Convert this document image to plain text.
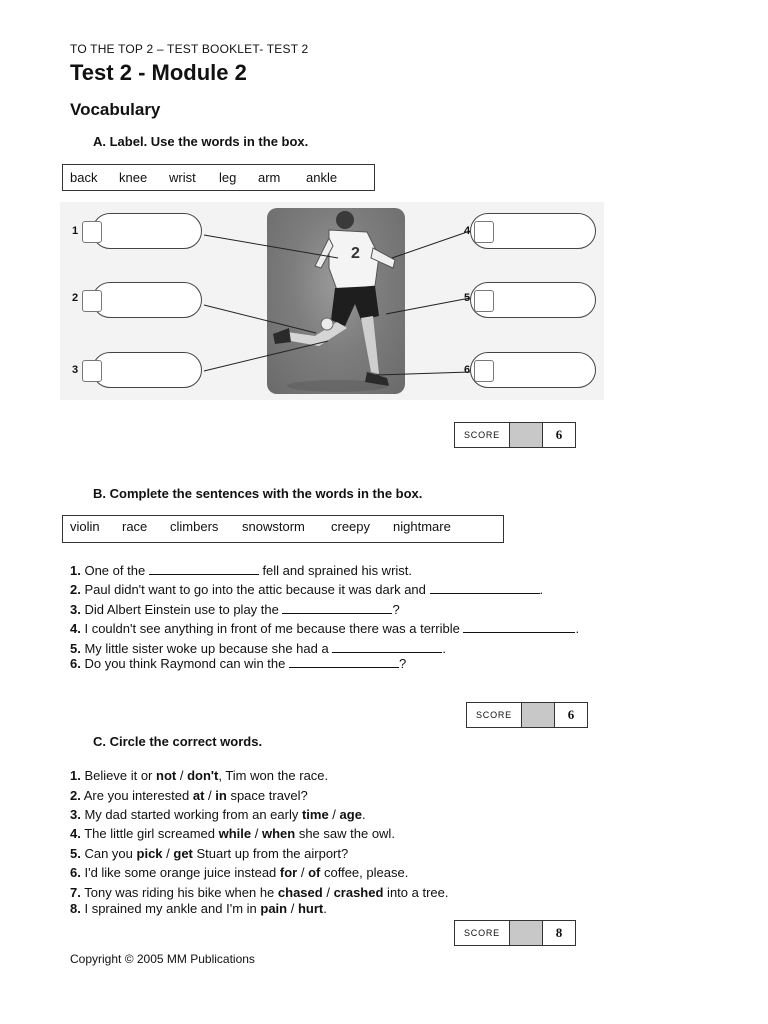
TO THE TOP 2 – TEST BOOKLET- TEST 2
Test 2 - Module 2
Vocabulary
A. Label. Use the words in the box.
back knee wrist leg arm ankle
2
1
2
3
4
5
6
SCORE	6
B. Complete the sentences with the words in the box.
violin race climbers snowstorm creepy nightmare
1. One of the	fell and sprained his wrist.
2. Paul didn't want to go into the attic because it was dark and	.
3. Did Albert Einstein use to play the	?
4. I couldn't see anything in front of me because there was a terrible	.
5. My little sister woke up because she had a	.
6. Do you think Raymond can win the	?
SCORE	6
C. Circle the correct words.
1. Believe it or not / don't, Tim won the race.
2. Are you interested at / in space travel?
3. My dad started working from an early time / age.
4. The little girl screamed while / when she saw the owl.
5. Can you pick / get Stuart up from the airport?
6. I'd like some orange juice instead for / of coffee, please.
7. Tony was riding his bike when he chased / crashed into a tree.
8. I sprained my ankle and I'm in pain / hurt.
SCORE	8
Copyright © 2005 MM Publications
